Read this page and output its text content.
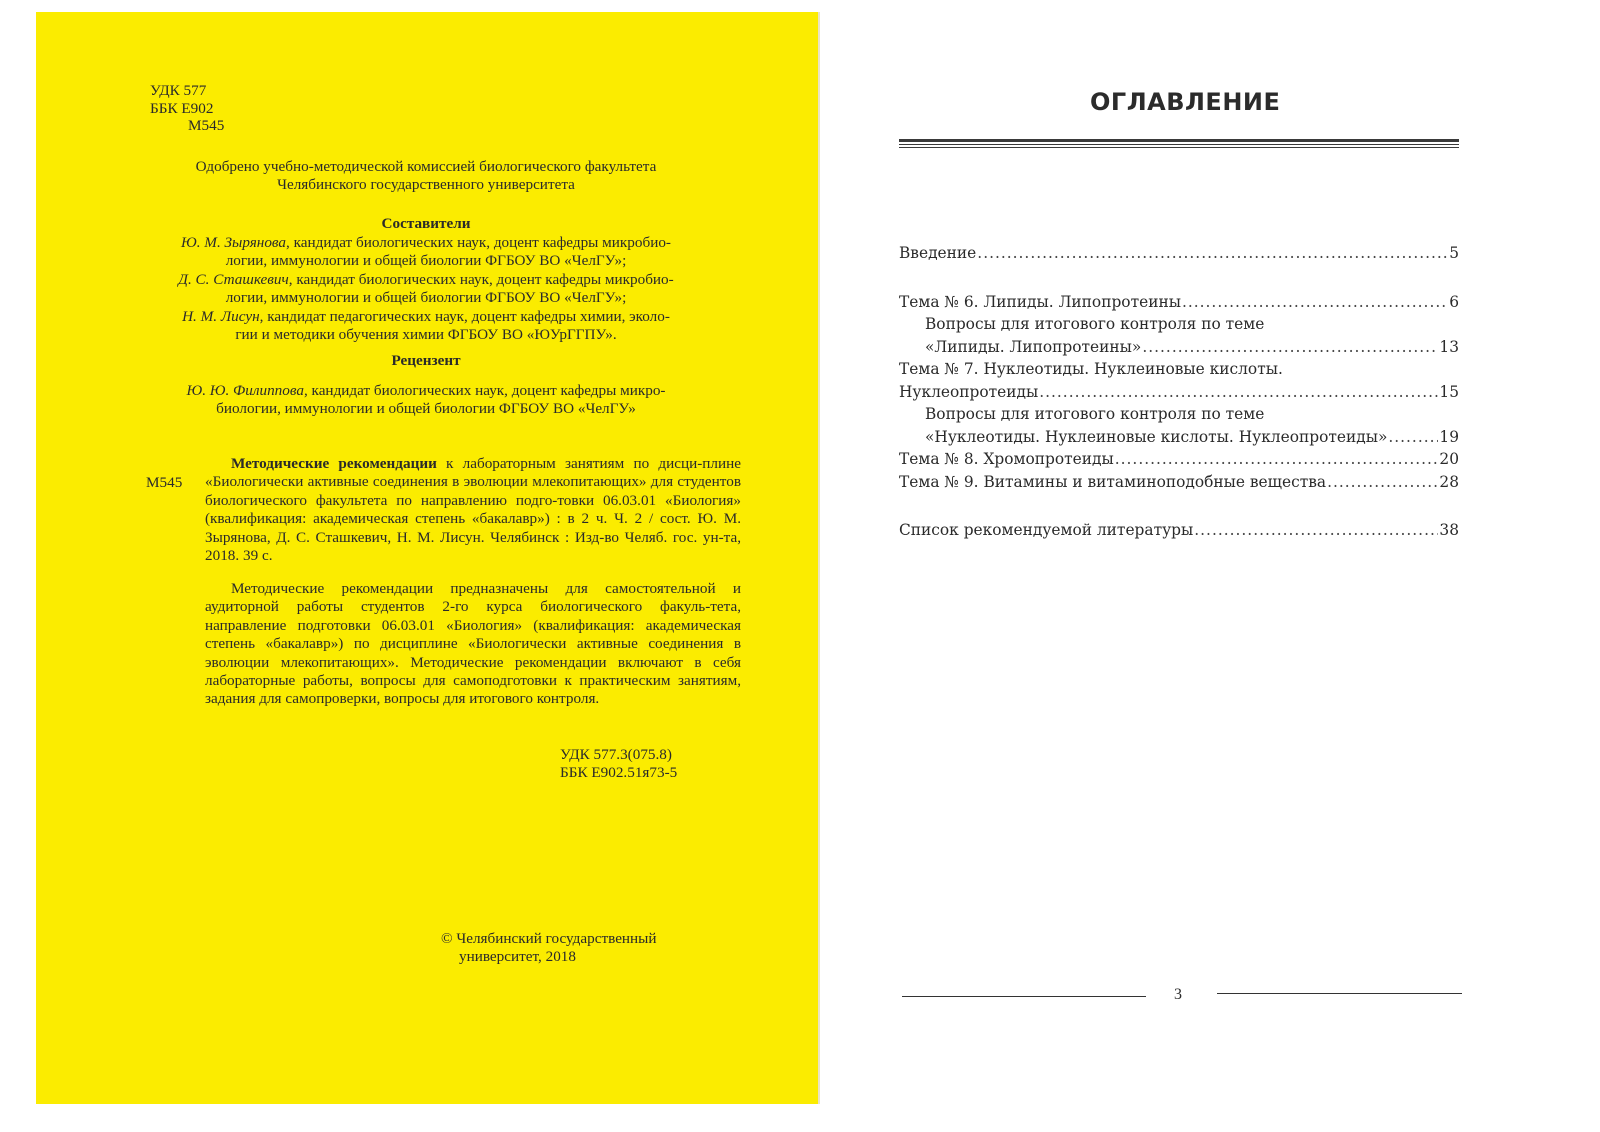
УДК 577
ББК Е902
М545
Одобрено учебно-методической комиссией биологического факультета
Челябинского государственного университета
Составители
Ю. М. Зырянова, кандидат биологических наук, доцент кафедры микробио-
логии, иммунологии и общей биологии ФГБОУ ВО «ЧелГУ»;
Д. С. Сташкевич, кандидат биологических наук, доцент кафедры микробио-
логии, иммунологии и общей биологии ФГБОУ ВО «ЧелГУ»;
Н. М. Лисун, кандидат педагогических наук, доцент кафедры химии, эколо-
гии и методики обучения химии ФГБОУ ВО «ЮУрГГПУ».
Рецензент
Ю. Ю. Филиппова, кандидат биологических наук, доцент кафедры микро-
биологии, иммунологии и общей биологии ФГБОУ ВО «ЧелГУ»
М545
Методические рекомендации к лабораторным занятиям по дисци-плине «Биологически активные соединения в эволюции млекопитающих» для студентов биологического факультета по направлению подго-товки 06.03.01 «Биология» (квалификация: академическая степень «бакалавр») : в 2 ч. Ч. 2 / сост. Ю. М. Зырянова, Д. С. Сташкевич, Н. М. Лисун. Челябинск : Изд-во Челяб. гос. ун-та, 2018. 39 с.
Методические рекомендации предназначены для самостоятельной и аудиторной работы студентов 2-го курса биологического факуль-тета, направление подготовки 06.03.01 «Биология» (квалификация: академическая степень «бакалавр») по дисциплине «Биологически активные соединения в эволюции млекопитающих». Методические рекомендации включают в себя лабораторные работы, вопросы для самоподготовки к практическим занятиям, задания для самопроверки, вопросы для итогового контроля.
УДК 577.3(075.8)
ББК Е902.51я73-5
© Челябинский государственный
университет, 2018
ОГЛАВЛЕНИЕ
Введение .....	5
Тема № 6. Липиды. Липопротеины .....	6
Вопросы для итогового контроля по теме
«Липиды. Липопротеины» .....	13
Тема № 7. Нуклеотиды. Нуклеиновые кислоты.
Нуклеопротеиды .....	15
Вопросы для итогового контроля по теме
«Нуклеотиды. Нуклеиновые кислоты. Нуклеопротеиды» .....	19
Тема № 8. Хромопротеиды .....	20
Тема № 9. Витамины и витаминоподобные вещества .....	28
Список рекомендуемой литературы .....	38
3
